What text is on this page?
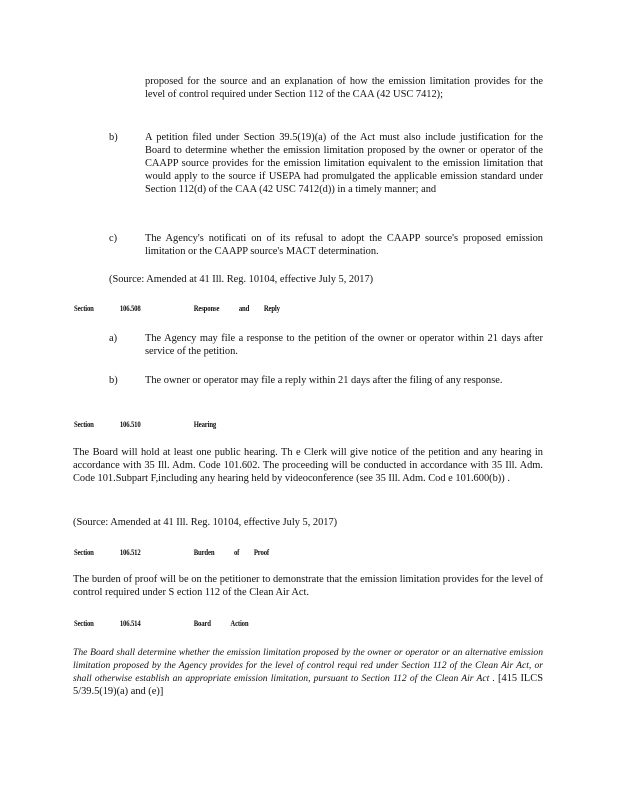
proposed for the source and an explanation of how the emission limitation provides for the level of control required under Section 112 of the CAA (42 USC 7412);

b)	A petition filed under Section 39.5(19)(a) of the Act must also include justification for the Board to determine whether the emission limitation proposed by the owner or operator of the CAAPP source provides for the emission limitation equivalent to the emission limitation that would apply to the source if USEPA had promulgated the applicable emission standard under Section 112(d) of the CAA (42 USC 7412(d)) in a timely manner; and

c)	The Agency's notificati on of its refusal to adopt the CAAPP source's proposed emission limitation or the CAAPP source's MACT determination.

(Source: Amended at 41 Ill. Reg. 10104, effective July 5, 2017)

Section	106.508	Response and Reply
a)	The Agency may file a response to the petition of the owner or operator within 21 days after service of the petition.

b)	The owner or operator may file a reply within 21 days after the filing of any response.

Section	106.510	Hearing

The Board will hold at least one public hearing. Th e Clerk will give notice of the petition and any hearing in accordance with 35 Ill. Adm. Code 101.602. The proceeding will be conducted in accordance with 35 Ill. Adm. Code 101.Subpart F,including any hearing held by videoconference (see 35 Ill. Adm. Cod e 101.600(b)) .

(Source: Amended at 41 Ill. Reg. 10104, effective July 5, 2017)

Section	106.512	Burden of Proof

The burden of proof will be on the petitioner to demonstrate that the emission limitation provides for the level of control required under S ection 112 of the Clean Air Act.

Section	106.514	Board Action

The Board shall determine whether the emission limitation proposed by the owner or operator or an alternative emission limitation proposed by the Agency provides for the level of control requi red under Section 112 of the Clean Air Act, or shall otherwise establish an appropriate emission limitation, pursuant to Section 112 of the Clean Air Act . [415 ILCS 5/39.5(19)(a) and (e)]
